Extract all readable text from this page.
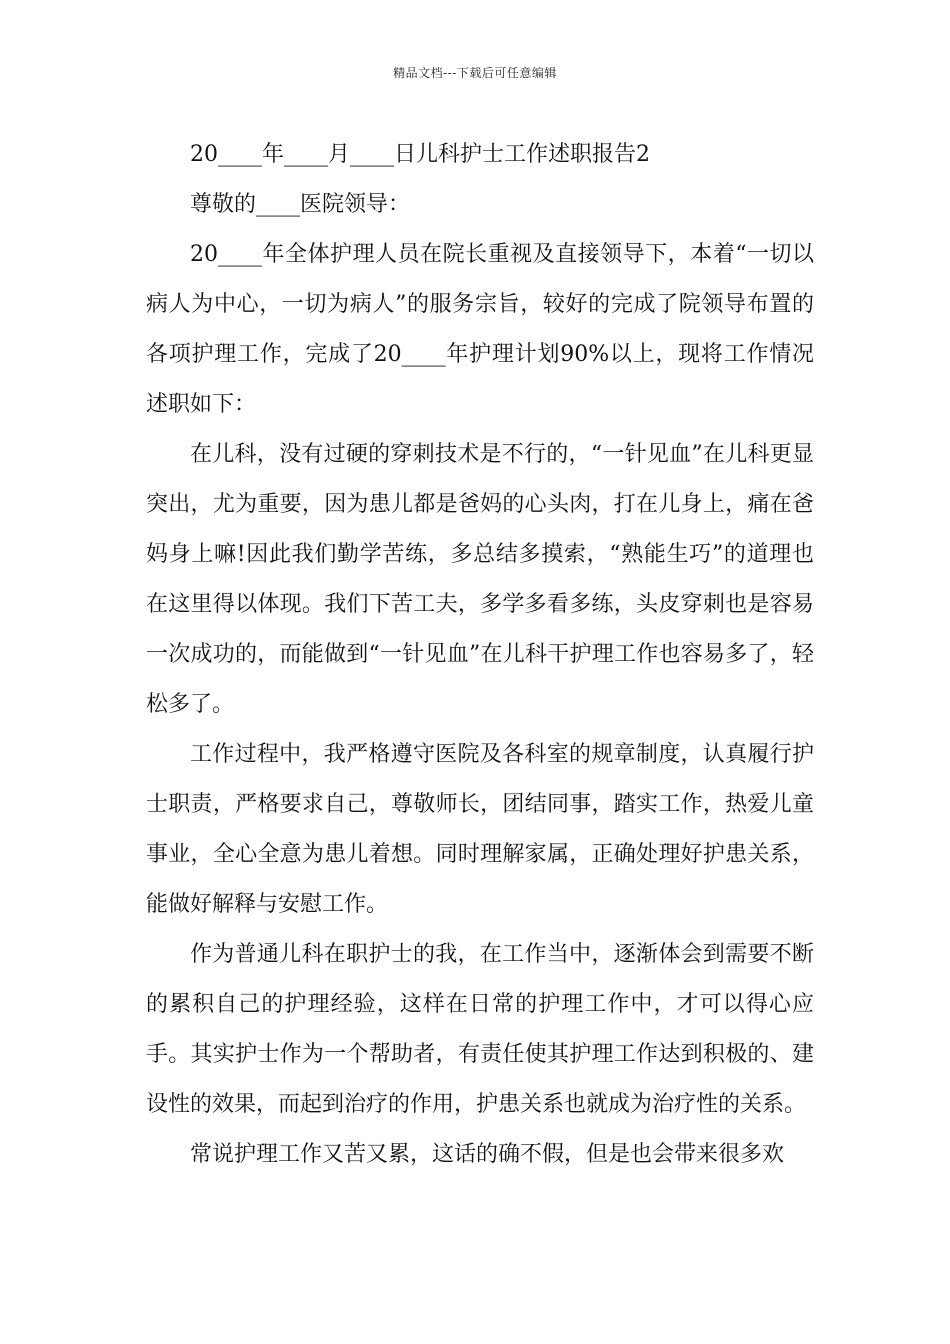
精品文档---下载后可任意编辑

20____年____月____日儿科护士工作述职报告2

尊敬的____医院领导：

20____年全体护理人员在院长重视及直接领导下，本着“一切以病人为中心，一切为病人”的服务宗旨，较好的完成了院领导布置的各项护理工作，完成了20____年护理计划90%以上，现将工作情况述职如下：

在儿科，没有过硬的穿刺技术是不行的，“一针见血”在儿科更显突出，尤为重要，因为患儿都是爸妈的心头肉，打在儿身上，痛在爸妈身上嘛!因此我们勤学苦练，多总结多摸索，“熟能生巧”的道理也在这里得以体现。我们下苦工夫，多学多看多练，头皮穿刺也是容易一次成功的，而能做到“一针见血”在儿科干护理工作也容易多了，轻松多了。

工作过程中，我严格遵守医院及各科室的规章制度，认真履行护士职责，严格要求自己，尊敬师长，团结同事，踏实工作，热爱儿童事业，全心全意为患儿着想。同时理解家属，正确处理好护患关系，能做好解释与安慰工作。

作为普通儿科在职护士的我，在工作当中，逐渐体会到需要不断的累积自己的护理经验，这样在日常的护理工作中，才可以得心应手。其实护士作为一个帮助者，有责任使其护理工作达到积极的、建设性的效果，而起到治疗的作用，护患关系也就成为治疗性的关系。

常说护理工作又苦又累，这话的确不假，但是也会带来很多欢
